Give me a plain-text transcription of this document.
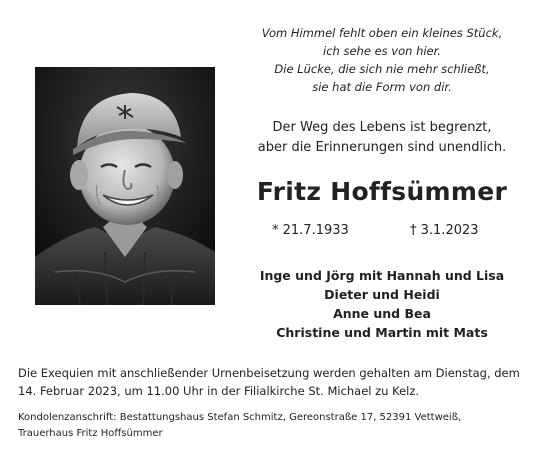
Vom Himmel fehlt oben ein kleines Stück,
ich sehe es von hier.
Die Lücke, die sich nie mehr schließt,
sie hat die Form von dir.
Der Weg des Lebens ist begrenzt,
aber die Erinnerungen sind unendlich.
Fritz Hoffsümmer
* 21.7.1933	† 3.1.2023
Inge und Jörg mit Hannah und Lisa
Dieter und Heidi
Anne und Bea
Christine und Martin mit Mats
Die Exequien mit anschließender Urnenbeisetzung werden gehalten am Dienstag, dem
14. Februar 2023, um 11.00 Uhr in der Filialkirche St. Michael zu Kelz.
Kondolenzanschrift: Bestattungshaus Stefan Schmitz, Gereonstraße 17, 52391 Vettweiß,
Trauerhaus Fritz Hoffsümmer
